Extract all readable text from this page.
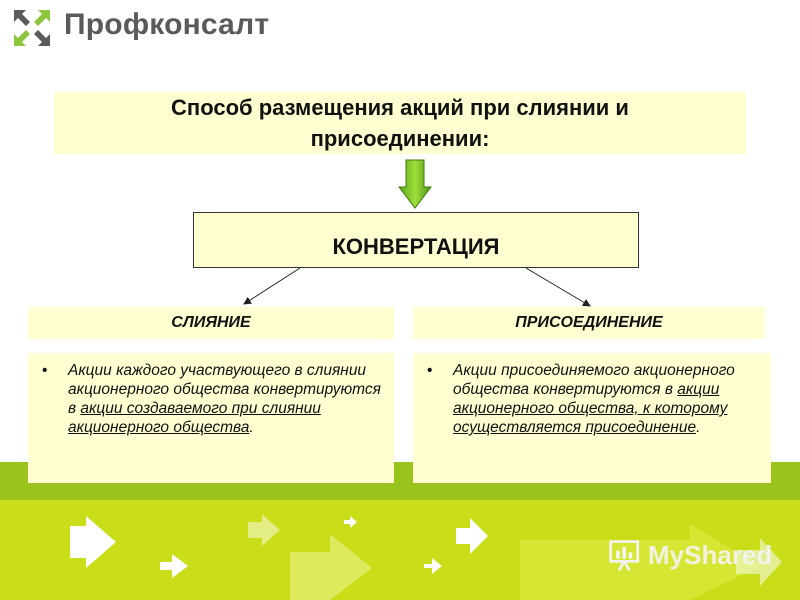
Профконсалт
Способ размещения акций при слиянии и присоединении:
КОНВЕРТАЦИЯ
СЛИЯНИЕ	ПРИСОЕДИНЕНИЕ
• Акции каждого участвующего в слиянии акционерного общества конвертируются в акции создаваемого при слиянии акционерного общества.
• Акции присоединяемого акционерного общества конвертируются в акции акционерного общества, к которому осуществляется присоединение.
MyShared
